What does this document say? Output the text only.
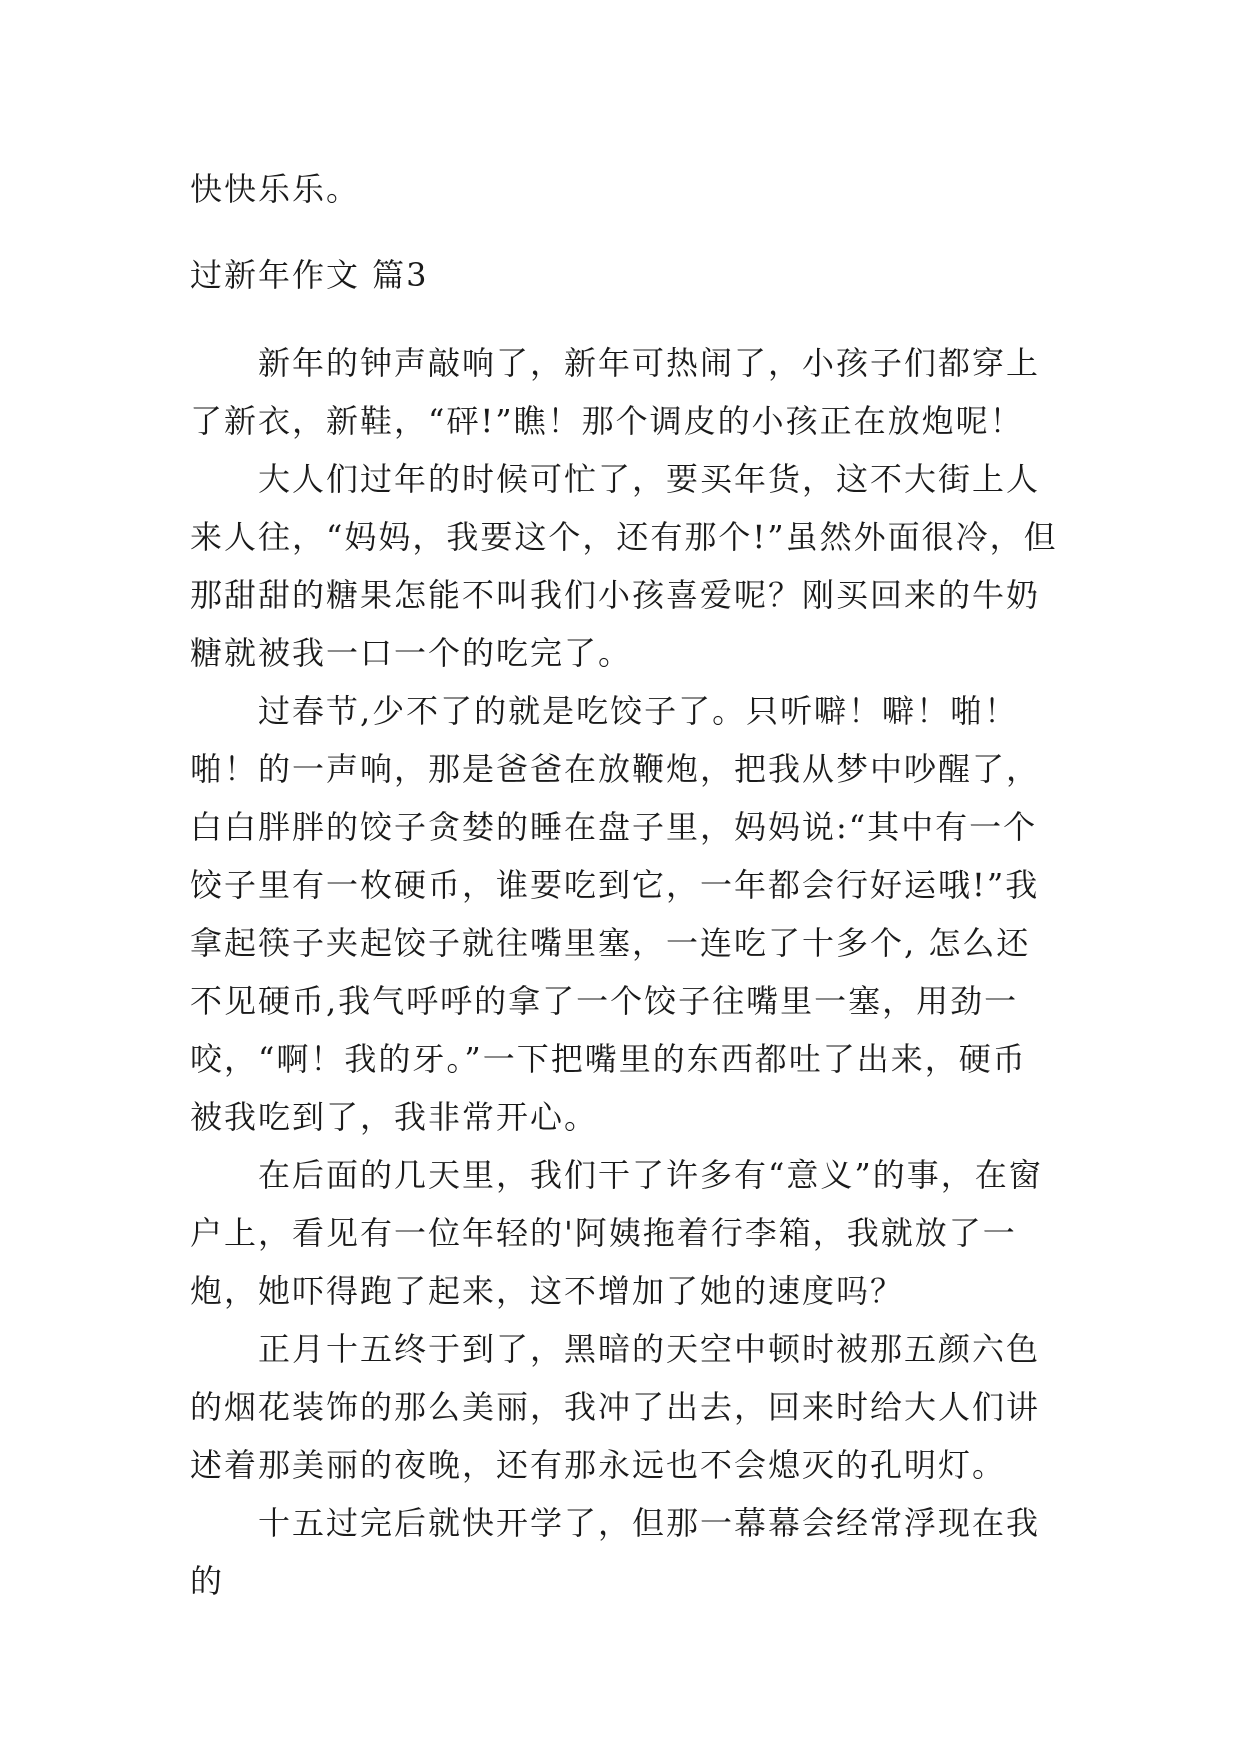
快快乐乐。

过新年作文 篇3

新年的钟声敲响了，新年可热闹了，小孩子们都穿上了新衣，新鞋，“砰!”瞧！那个调皮的小孩正在放炮呢！

大人们过年的时候可忙了，要买年货，这不大街上人来人往，“妈妈，我要这个，还有那个!”虽然外面很冷，但那甜甜的糖果怎能不叫我们小孩喜爱呢？刚买回来的牛奶糖就被我一口一个的吃完了。

过春节,少不了的就是吃饺子了。只听噼！噼！啪！啪！的一声响，那是爸爸在放鞭炮，把我从梦中吵醒了，白白胖胖的饺子贪婪的睡在盘子里，妈妈说:“其中有一个饺子里有一枚硬币，谁要吃到它，一年都会行好运哦!”我拿起筷子夹起饺子就往嘴里塞，一连吃了十多个, 怎么还不见硬币,我气呼呼的拿了一个饺子往嘴里一塞，用劲一咬，“啊！我的牙。”一下把嘴里的东西都吐了出来，硬币被我吃到了，我非常开心。

在后面的几天里，我们干了许多有“意义”的事，在窗户上，看见有一位年轻的'阿姨拖着行李箱，我就放了一炮，她吓得跑了起来，这不增加了她的速度吗？

正月十五终于到了，黑暗的天空中顿时被那五颜六色的烟花装饰的那么美丽，我冲了出去，回来时给大人们讲述着那美丽的夜晚，还有那永远也不会熄灭的孔明灯。

十五过完后就快开学了，但那一幕幕会经常浮现在我的
